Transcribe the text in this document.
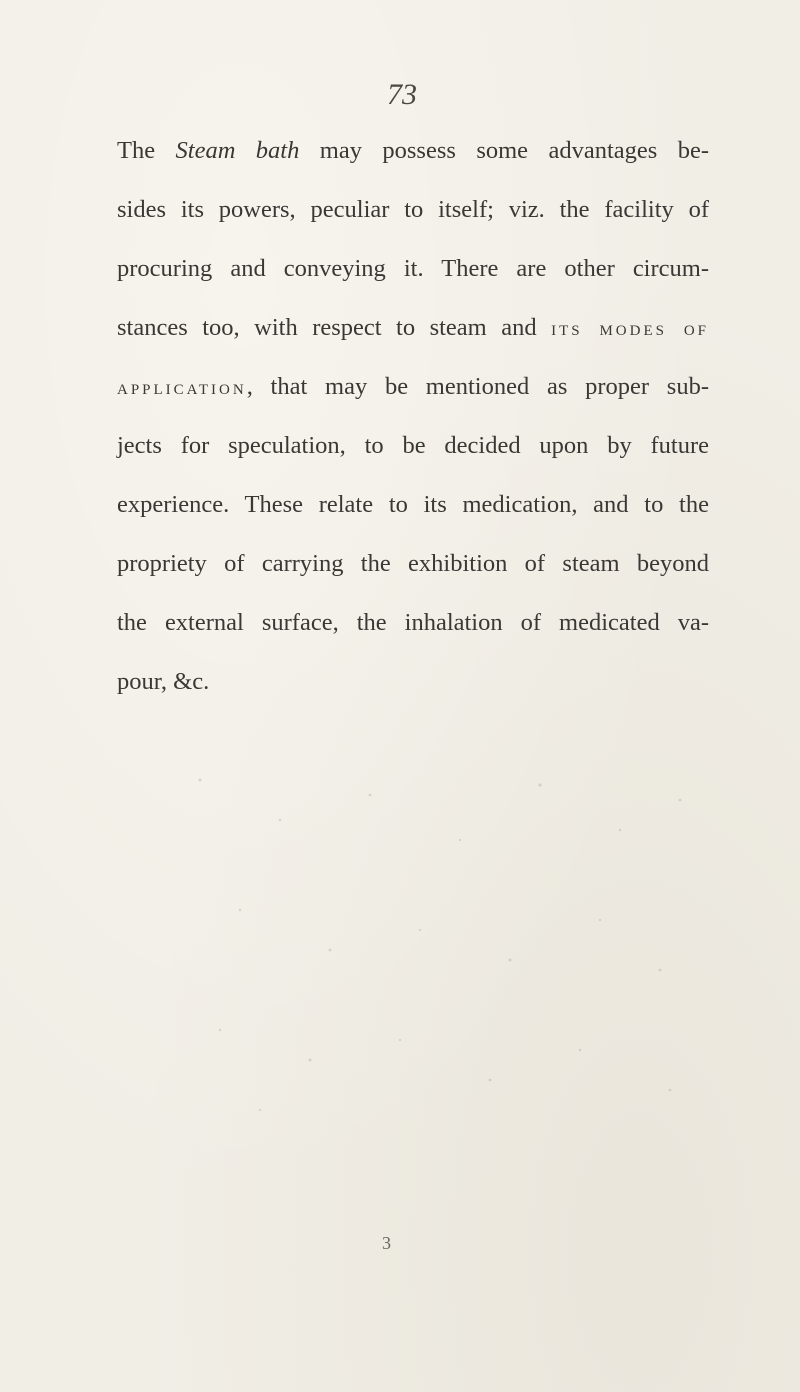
73
The Steam bath may possess some advantages be-
sides its powers, peculiar to itself; viz. the facility of
procuring and conveying it. There are other circum-
stances too, with respect to steam and its modes of
application, that may be mentioned as proper sub-
jects for speculation, to be decided upon by future
experience. These relate to its medication, and to the
propriety of carrying the exhibition of steam beyond
the external surface, the inhalation of medicated va-
pour, &c.
3
